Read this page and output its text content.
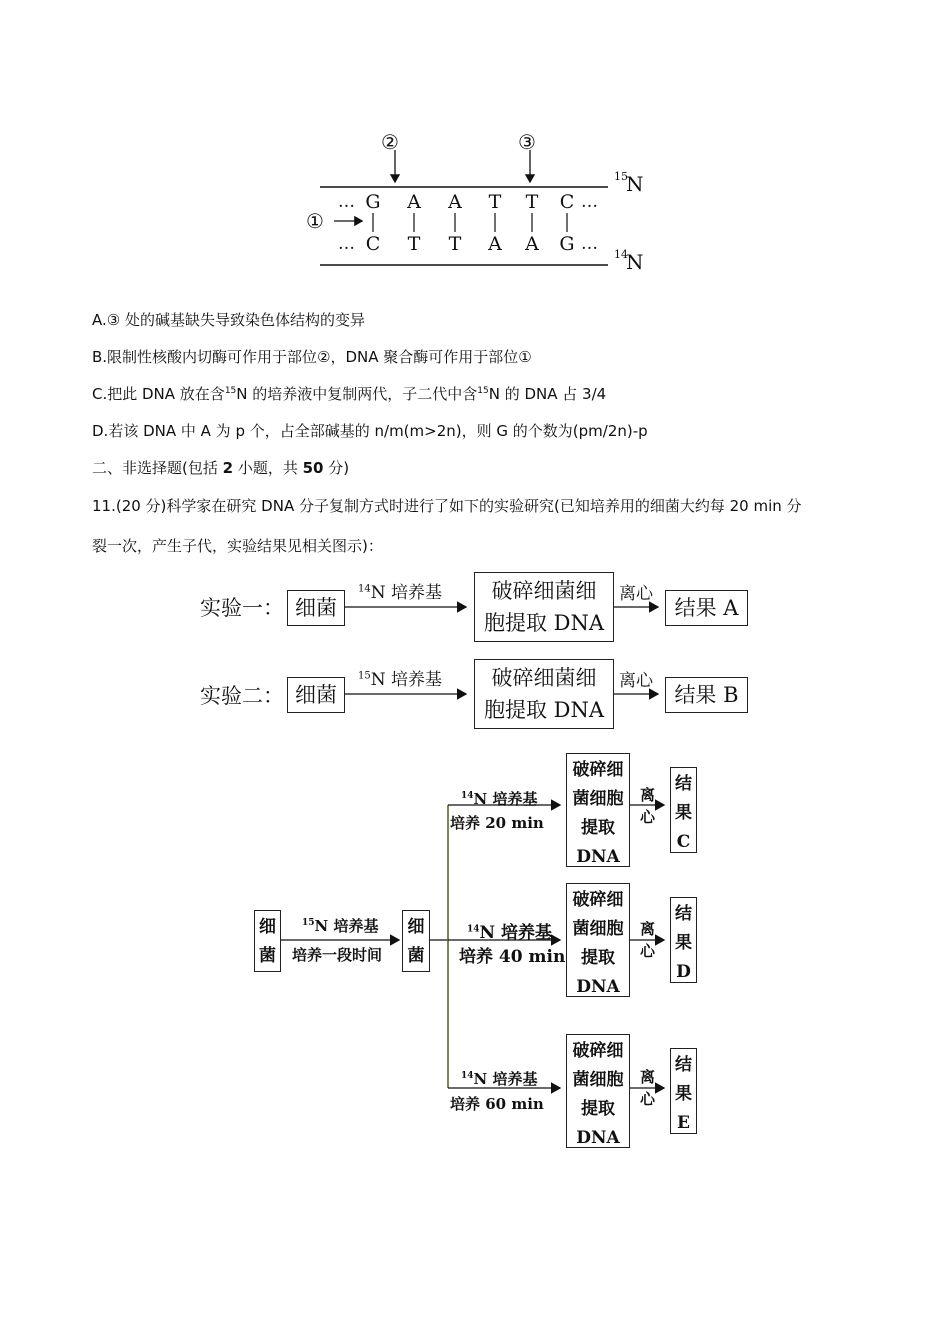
②	③
①
15
N
14
N
…	…
…	…
G A A T T C
C T T A A G
A.③ 处的碱基缺失导致染色体结构的变异
B.限制性核酸内切酶可作用于部位②，DNA 聚合酶可作用于部位①
C.把此 DNA 放在含$^{15}$N 的培养液中复制两代，子二代中含$^{15}$N 的 DNA 占 3/4
D.若该 DNA 中 A 为 p 个，占全部碱基的 n/m(m>2n)，则 G 的个数为(pm/2n)-p
二、非选择题(包括 2 小题，共 50 分)
11.(20 分)科学家在研究 DNA 分子复制方式时进行了如下的实验研究(已知培养用的细菌大约每 20 min 分
裂一次，产生子代，实验结果见相关图示)：
实验一： 细菌
$^{14}$N 培养基 破碎细菌细
胞提取 DNA
离心
结果 A
实验二： 细菌
$^{15}$N 培养基 破碎细菌细
胞提取 DNA
离心
结果 B
细
菌
$^{15}$N 培养基
培养一段时间
细
菌
$^{14}$N 培养基
培养 20 min
破碎细
菌细胞
提取
DNA
离
心
结
果
C
$^{14}$N 培养基
培养 40 min
破碎细
菌细胞
提取
DNA
离
心
结
果
D
$^{14}$N 培养基
培养 60 min
破碎细
菌细胞
提取
DNA
离
心
结
果
E
